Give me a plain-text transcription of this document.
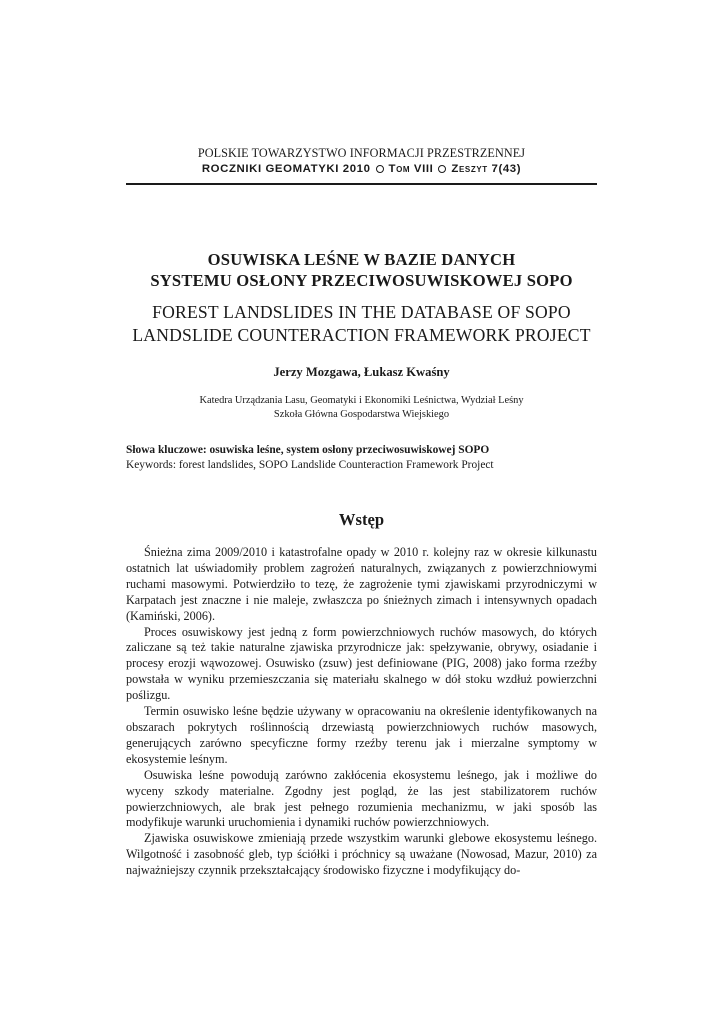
POLSKIE TOWARZYSTWO INFORMACJI PRZESTRZENNEJ
ROCZNIKI GEOMATYKI 2010 Tom VIII Zeszyt 7(43)
OSUWISKA LEŚNE W BAZIE DANYCH
SYSTEMU OSŁONY PRZECIWOSUWISKOWEJ SOPO
FOREST LANDSLIDES IN THE DATABASE OF SOPO
LANDSLIDE COUNTERACTION FRAMEWORK PROJECT
Jerzy Mozgawa, Łukasz Kwaśny
Katedra Urządzania Lasu, Geomatyki i Ekonomiki Leśnictwa, Wydział Leśny
Szkoła Główna Gospodarstwa Wiejskiego
Słowa kluczowe: osuwiska leśne, system osłony przeciwosuwiskowej SOPO
Keywords: forest landslides, SOPO Landslide Counteraction Framework Project
Wstęp

Śnieżna zima 2009/2010 i katastrofalne opady w 2010 r. kolejny raz w okresie kilkunastu ostatnich lat uświadomiły problem zagrożeń naturalnych, związanych z powierzchniowymi ruchami masowymi. Potwierdziło to tezę, że zagrożenie tymi zjawiskami przyrodniczymi w Karpatach jest znaczne i nie maleje, zwłaszcza po śnieżnych zimach i intensywnych opadach (Kamiński, 2006).

Proces osuwiskowy jest jedną z form powierzchniowych ruchów masowych, do których zaliczane są też takie naturalne zjawiska przyrodnicze jak: spełzywanie, obrywy, osiadanie i procesy erozji wąwozowej. Osuwisko (zsuw) jest definiowane (PIG, 2008) jako forma rzeźby powstała w wyniku przemieszczania się materiału skalnego w dół stoku wzdłuż powierzchni poślizgu.

Termin osuwisko leśne będzie używany w opracowaniu na określenie identyfikowanych na obszarach pokrytych roślinnością drzewiastą powierzchniowych ruchów masowych, generujących zarówno specyficzne formy rzeźby terenu jak i mierzalne symptomy w ekosystemie leśnym.

Osuwiska leśne powodują zarówno zakłócenia ekosystemu leśnego, jak i możliwe do wyceny szkody materialne. Zgodny jest pogląd, że las jest stabilizatorem ruchów powierzchniowych, ale brak jest pełnego rozumienia mechanizmu, w jaki sposób las modyfikuje warunki uruchomienia i dynamiki ruchów powierzchniowych.

Zjawiska osuwiskowe zmieniają przede wszystkim warunki glebowe ekosystemu leśnego. Wilgotność i zasobność gleb, typ ściółki i próchnicy są uważane (Nowosad, Mazur, 2010) za najważniejszy czynnik przekształcający środowisko fizyczne i modyfikujący do-
